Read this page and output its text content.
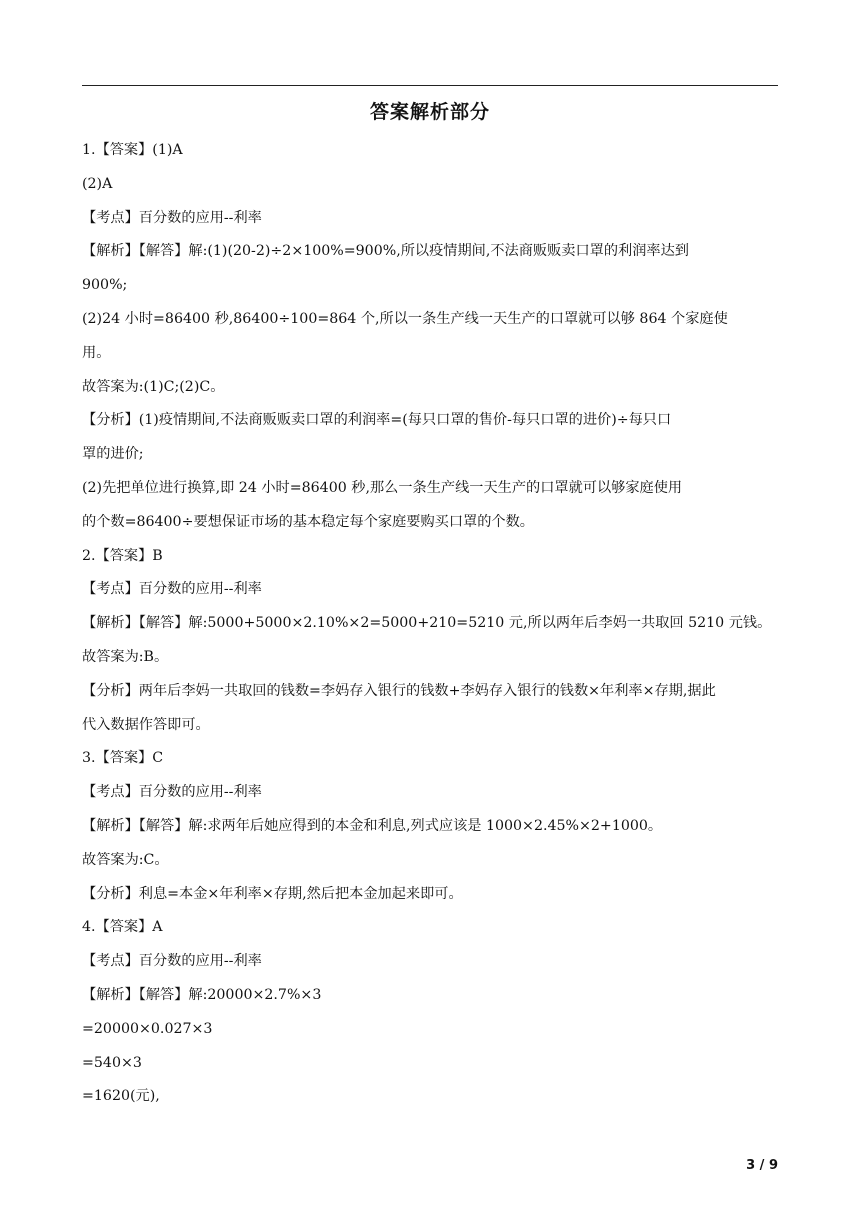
答案解析部分
1.【答案】(1)A
(2)A
【考点】百分数的应用--利率
【解析】【解答】解:(1)(20-2)÷2×100%=900%,所以疫情期间,不法商贩贩卖口罩的利润率达到
900%;
(2)24 小时=86400 秒,86400÷100=864 个,所以一条生产线一天生产的口罩就可以够 864 个家庭使
用。
故答案为:(1)C;(2)C。
【分析】(1)疫情期间,不法商贩贩卖口罩的利润率=(每只口罩的售价-每只口罩的进价)÷每只口
罩的进价;
(2)先把单位进行换算,即 24 小时=86400 秒,那么一条生产线一天生产的口罩就可以够家庭使用
的个数=86400÷要想保证市场的基本稳定每个家庭要购买口罩的个数。
2.【答案】B
【考点】百分数的应用--利率
【解析】【解答】解:5000+5000×2.10%×2=5000+210=5210 元,所以两年后李妈一共取回 5210 元钱。
故答案为:B。
【分析】两年后李妈一共取回的钱数=李妈存入银行的钱数+李妈存入银行的钱数×年利率×存期,据此
代入数据作答即可。
3.【答案】C
【考点】百分数的应用--利率
【解析】【解答】解:求两年后她应得到的本金和利息,列式应该是 1000×2.45%×2+1000。
故答案为:C。
【分析】利息=本金×年利率×存期,然后把本金加起来即可。
4.【答案】A
【考点】百分数的应用--利率
【解析】【解答】解:20000×2.7%×3
=20000×0.027×3
=540×3
=1620(元),
3 / 9
